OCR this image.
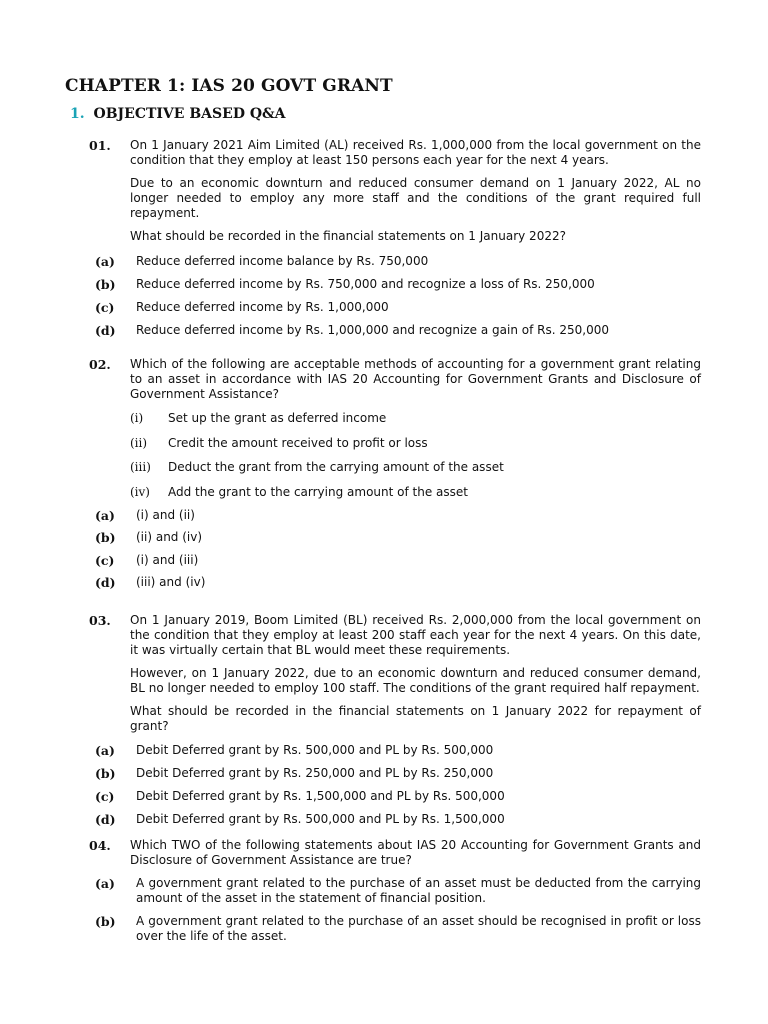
CHAPTER 1: IAS 20 GOVT GRANT
1. OBJECTIVE BASED Q&A
01. On 1 January 2021 Aim Limited (AL) received Rs. 1,000,000 from the local government on the condition that they employ at least 150 persons each year for the next 4 years.

Due to an economic downturn and reduced consumer demand on 1 January 2022, AL no longer needed to employ any more staff and the conditions of the grant required full repayment.

What should be recorded in the financial statements on 1 January 2022?

(a) Reduce deferred income balance by Rs. 750,000
(b) Reduce deferred income by Rs. 750,000 and recognize a loss of Rs. 250,000
(c) Reduce deferred income by Rs. 1,000,000
(d) Reduce deferred income by Rs. 1,000,000 and recognize a gain of Rs. 250,000
02. Which of the following are acceptable methods of accounting for a government grant relating to an asset in accordance with IAS 20 Accounting for Government Grants and Disclosure of Government Assistance?

(i) Set up the grant as deferred income
(ii) Credit the amount received to profit or loss
(iii) Deduct the grant from the carrying amount of the asset
(iv) Add the grant to the carrying amount of the asset
(a) (i) and (ii)
(b) (ii) and (iv)
(c) (i) and (iii)
(d) (iii) and (iv)
03. On 1 January 2019, Boom Limited (BL) received Rs. 2,000,000 from the local government on the condition that they employ at least 200 staff each year for the next 4 years. On this date, it was virtually certain that BL would meet these requirements.

However, on 1 January 2022, due to an economic downturn and reduced consumer demand, BL no longer needed to employ 100 staff. The conditions of the grant required half repayment.

What should be recorded in the financial statements on 1 January 2022 for repayment of grant?

(a) Debit Deferred grant by Rs. 500,000 and PL by Rs. 500,000
(b) Debit Deferred grant by Rs. 250,000 and PL by Rs. 250,000
(c) Debit Deferred grant by Rs. 1,500,000 and PL by Rs. 500,000
(d) Debit Deferred grant by Rs. 500,000 and PL by Rs. 1,500,000
04. Which TWO of the following statements about IAS 20 Accounting for Government Grants and Disclosure of Government Assistance are true?

(a) A government grant related to the purchase of an asset must be deducted from the carrying amount of the asset in the statement of financial position.
(b) A government grant related to the purchase of an asset should be recognised in profit or loss over the life of the asset.
